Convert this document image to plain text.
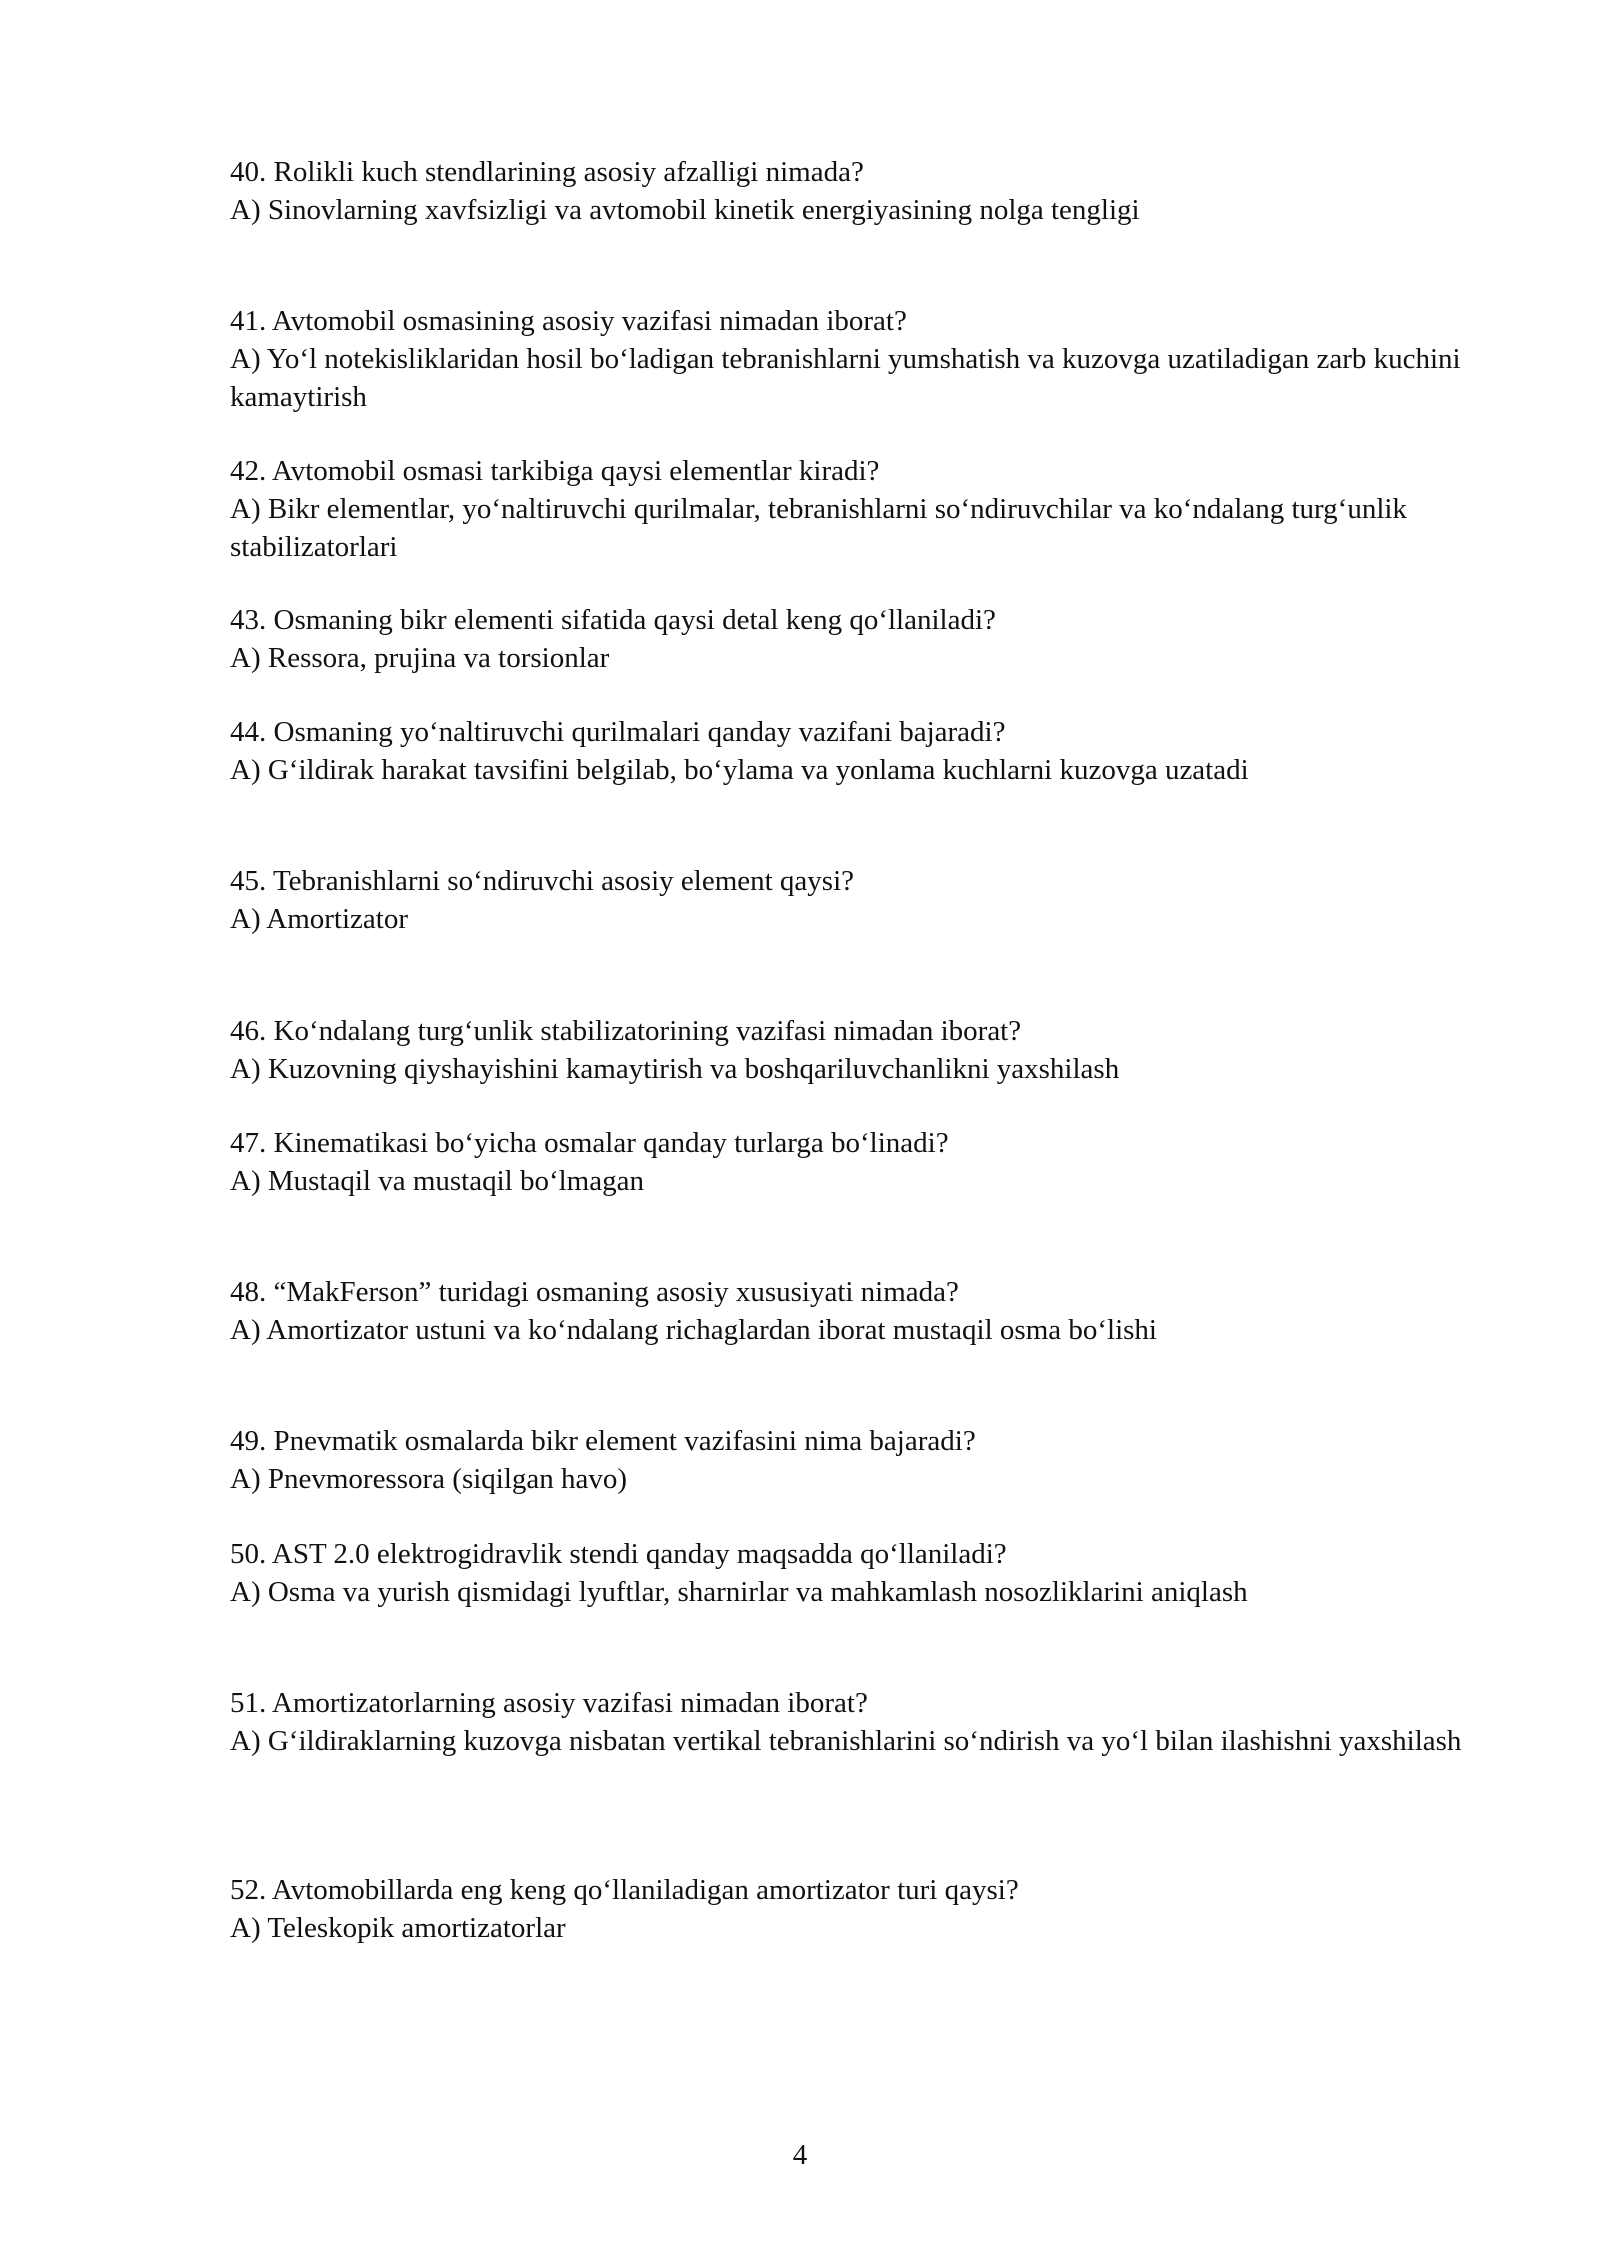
40. Rolikli kuch stendlarining asosiy afzalligi nimada?

A) Sinovlarning xavfsizligi va avtomobil kinetik energiyasining nolga tengligi

41. Avtomobil osmasining asosiy vazifasi nimadan iborat?

A) Yo‘l notekisliklaridan hosil bo‘ladigan tebranishlarni yumshatish va kuzovga uzatiladigan zarb kuchini kamaytirish

42. Avtomobil osmasi tarkibiga qaysi elementlar kiradi?

A) Bikr elementlar, yo‘naltiruvchi qurilmalar, tebranishlarni so‘ndiruvchilar va ko‘ndalang turg‘unlik stabilizatorlari

43. Osmaning bikr elementi sifatida qaysi detal keng qo‘llaniladi?

A) Ressora, prujina va torsionlar

44. Osmaning yo‘naltiruvchi qurilmalari qanday vazifani bajaradi?

A) G‘ildirak harakat tavsifini belgilab, bo‘ylama va yonlama kuchlarni kuzovga uzatadi

45. Tebranishlarni so‘ndiruvchi asosiy element qaysi?

A) Amortizator

46. Ko‘ndalang turg‘unlik stabilizatorining vazifasi nimadan iborat?

A) Kuzovning qiyshayishini kamaytirish va boshqariluvchanlikni yaxshilash

47. Kinematikasi bo‘yicha osmalar qanday turlarga bo‘linadi?

A) Mustaqil va mustaqil bo‘lmagan

48. “MakFerson” turidagi osmaning asosiy xususiyati nimada?

A) Amortizator ustuni va ko‘ndalang richaglardan iborat mustaqil osma bo‘lishi

49. Pnevmatik osmalarda bikr element vazifasini nima bajaradi?

A) Pnevmoressora (siqilgan havo)

50. AST 2.0 elektrogidravlik stendi qanday maqsadda qo‘llaniladi?

A) Osma va yurish qismidagi lyuftlar, sharnirlar va mahkamlash nosozliklarini aniqlash

51. Amortizatorlarning asosiy vazifasi nimadan iborat?

A) G‘ildiraklarning kuzovga nisbatan vertikal tebranishlarini so‘ndirish va yo‘l bilan ilashishni yaxshilash

52. Avtomobillarda eng keng qo‘llaniladigan amortizator turi qaysi?

A) Teleskopik amortizatorlar

4
